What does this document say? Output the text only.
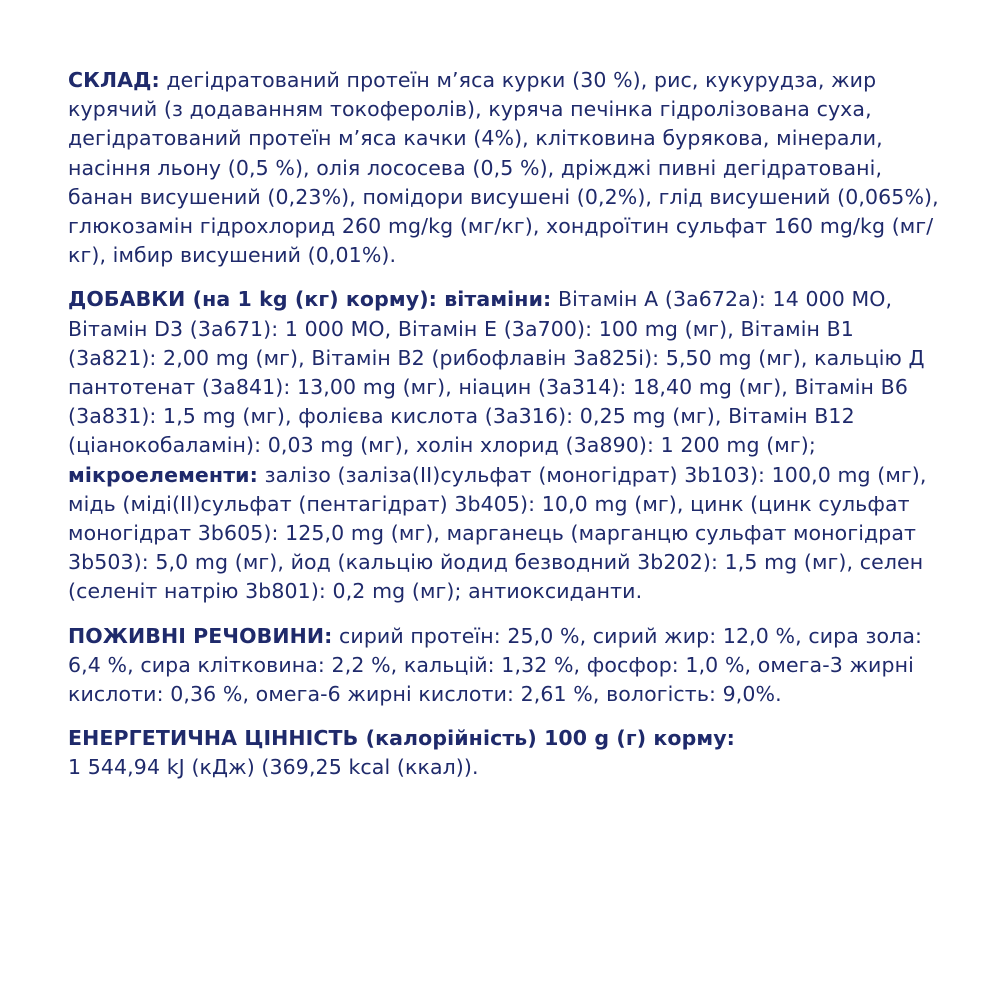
СКЛАД: дегідратований протеїн м’яса курки (30 %), рис, кукурудза, жир курячий (з додаванням токоферолів), куряча печінка гідролізована суха, дегідратований протеїн м’яса качки (4%), клітковина бурякова, мінерали, насіння льону (0,5 %), олія лососева (0,5 %), дріжджі пивні дегідратовані, банан висушений (0,23%), помідори висушені (0,2%), глід висушений (0,065%), глюкозамін гідрохлорид 260 mg/kg (мг/кг), хондроїтин сульфат 160 mg/kg (мг/кг), імбир висушений (0,01%).

ДОБАВКИ (на 1 kg (кг) корму): вітаміни: Вітамін А (3а672а): 14 000 МО, Вітамін D3 (3а671): 1 000 МО, Вітамін Е (3а700): 100 mg (мг), Вітамін В1 (3а821): 2,00 mg (мг), Вітамін В2 (рибофлавін 3а825і): 5,50 mg (мг), кальцію Д пантотенат (3а841): 13,00 mg (мг), ніацин (3а314): 18,40 mg (мг), Вітамін В6 (3а831): 1,5 mg (мг), фолієва кислота (3а316): 0,25 mg (мг), Вітамін В12 (ціанокобаламін): 0,03 mg (мг), холін хлорид (3а890): 1 200 mg (мг); мікроелементи: залізо (заліза(ІІ)сульфат (моногідрат) 3b103): 100,0 mg (мг), мідь (міді(ІІ)сульфат (пентагідрат) 3b405): 10,0 mg (мг), цинк (цинк сульфат моногідрат 3b605): 125,0 mg (мг), марганець (марганцю сульфат моногідрат 3b503): 5,0 mg (мг), йод (кальцію йодид безводний 3b202): 1,5 mg (мг), селен (селеніт натрію 3b801): 0,2 mg (мг); антиоксиданти.

ПОЖИВНІ РЕЧОВИНИ: сирий протеїн: 25,0 %, сирий жир: 12,0 %, сира зола: 6,4 %, сира клітковина: 2,2 %, кальцій: 1,32 %, фосфор: 1,0 %, омега-3 жирні кислоти: 0,36 %, омега-6 жирні кислоти: 2,61 %, вологість: 9,0%.

ЕНЕРГЕТИЧНА ЦІННІСТЬ (калорійність) 100 g (г) корму:
1 544,94 kJ (кДж) (369,25 kcal (ккал)).
